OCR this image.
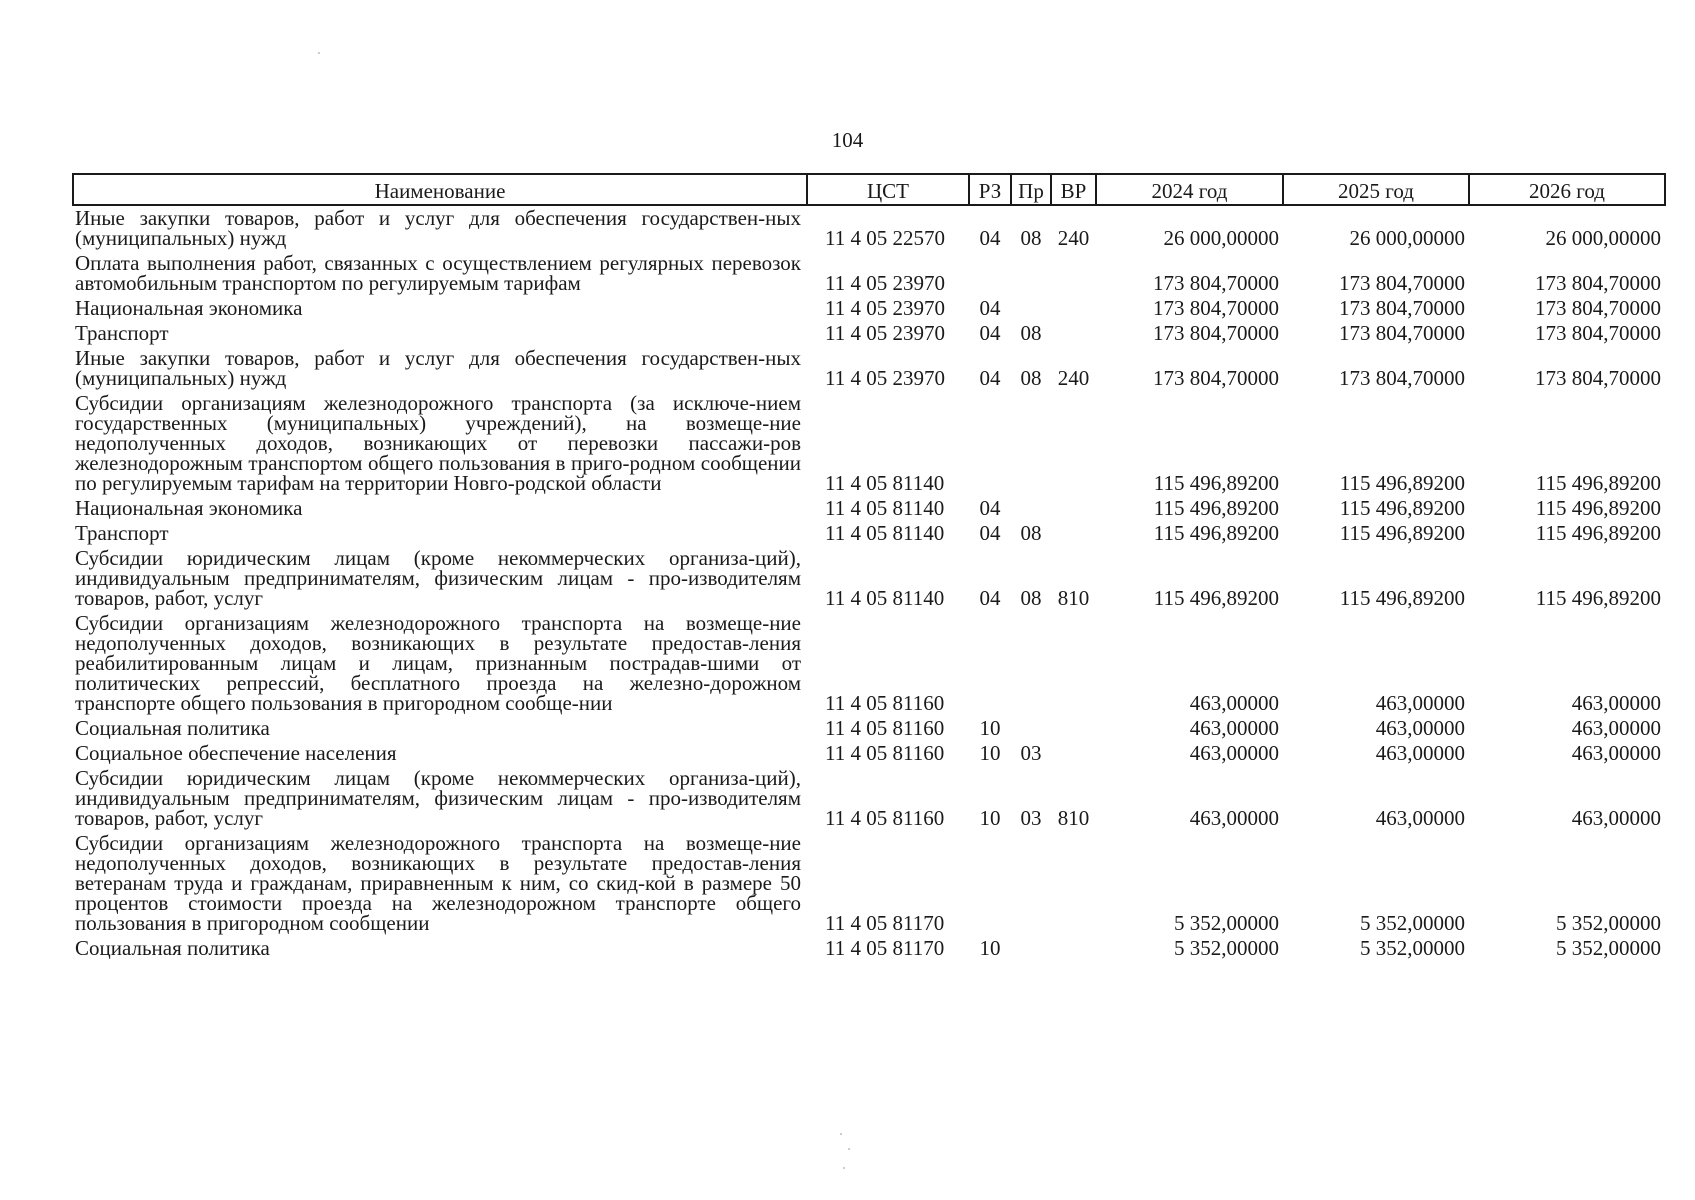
104
Наименование	ЦСТ	РЗ	Пр	ВР	2024 год	2025 год	2026 год
Иные закупки товаров, работ и услуг для обеспечения государствен-ных (муниципальных) нужд	11 4 05 22570	04	08	240	26 000,00000	26 000,00000	26 000,00000
Оплата выполнения работ, связанных с осуществлением регулярных перевозок автомобильным транспортом по регулируемым тарифам	11 4 05 23970				173 804,70000	173 804,70000	173 804,70000
Национальная экономика	11 4 05 23970	04			173 804,70000	173 804,70000	173 804,70000
Транспорт	11 4 05 23970	04	08		173 804,70000	173 804,70000	173 804,70000
Иные закупки товаров, работ и услуг для обеспечения государствен-ных (муниципальных) нужд	11 4 05 23970	04	08	240	173 804,70000	173 804,70000	173 804,70000
Субсидии организациям железнодорожного транспорта (за исключе-нием государственных (муниципальных) учреждений), на возмеще-ние недополученных доходов, возникающих от перевозки пассажи-ров железнодорожным транспортом общего пользования в приго-родном сообщении по регулируемым тарифам на территории Новго-родской области	11 4 05 81140				115 496,89200	115 496,89200	115 496,89200
Национальная экономика	11 4 05 81140	04			115 496,89200	115 496,89200	115 496,89200
Транспорт	11 4 05 81140	04	08		115 496,89200	115 496,89200	115 496,89200
Субсидии юридическим лицам (кроме некоммерческих организа-ций), индивидуальным предпринимателям, физическим лицам - про-изводителям товаров, работ, услуг	11 4 05 81140	04	08	810	115 496,89200	115 496,89200	115 496,89200
Субсидии организациям железнодорожного транспорта на возмеще-ние недополученных доходов, возникающих в результате предостав-ления реабилитированным лицам и лицам, признанным пострадав-шими от политических репрессий, бесплатного проезда на железно-дорожном транспорте общего пользования в пригородном сообще-нии	11 4 05 81160				463,00000	463,00000	463,00000
Социальная политика	11 4 05 81160	10			463,00000	463,00000	463,00000
Социальное обеспечение населения	11 4 05 81160	10	03		463,00000	463,00000	463,00000
Субсидии юридическим лицам (кроме некоммерческих организа-ций), индивидуальным предпринимателям, физическим лицам - про-изводителям товаров, работ, услуг	11 4 05 81160	10	03	810	463,00000	463,00000	463,00000
Субсидии организациям железнодорожного транспорта на возмеще-ние недополученных доходов, возникающих в результате предостав-ления ветеранам труда и гражданам, приравненным к ним, со скид-кой в размере 50 процентов стоимости проезда на железнодорожном транспорте общего пользования в пригородном сообщении	11 4 05 81170				5 352,00000	5 352,00000	5 352,00000
Социальная политика	11 4 05 81170	10			5 352,00000	5 352,00000	5 352,00000
